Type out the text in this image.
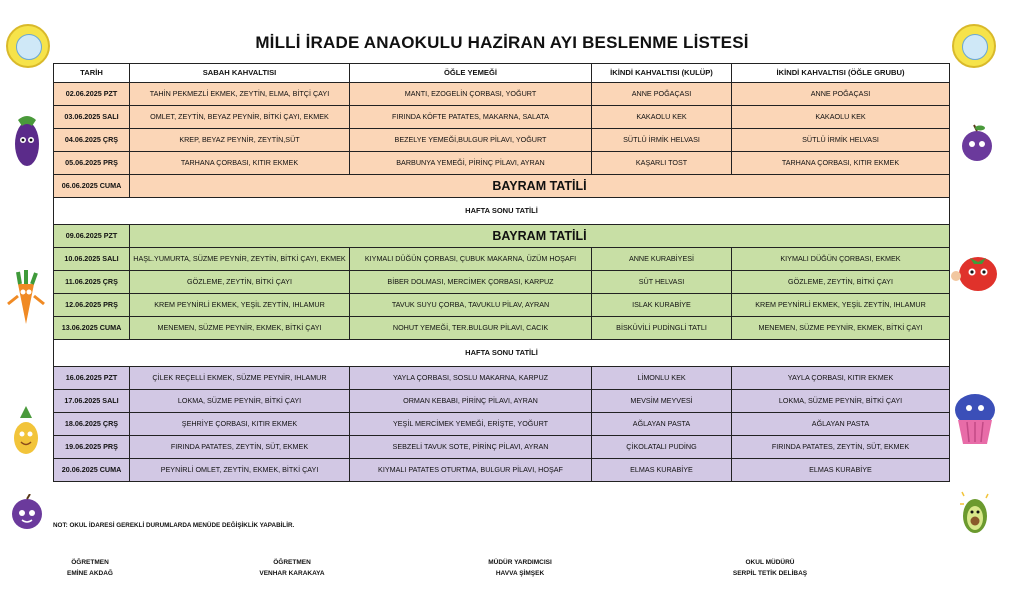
MİLLİ İRADE ANAOKULU HAZİRAN AYI BESLENME LİSTESİ
TARİH	SABAH KAHVALTISI	ÖĞLE YEMEĞİ	İKİNDİ KAHVALTISI (KULÜP)	İKİNDİ KAHVALTISI (ÖĞLE GRUBU)
02.06.2025 PZT	TAHİN PEKMEZLİ EKMEK, ZEYTİN, ELMA, BİTÇİ ÇAYI	MANTI, EZOGELİN ÇORBASI, YOĞURT	ANNE POĞAÇASI	ANNE POĞAÇASI
03.06.2025 SALI	OMLET, ZEYTİN, BEYAZ PEYNİR, BİTKİ ÇAYI, EKMEK	FIRINDA KÖFTE PATATES, MAKARNA, SALATA	KAKAOLU KEK	KAKAOLU KEK
04.06.2025 ÇRŞ	KREP, BEYAZ PEYNİR, ZEYTİN,SÜT	BEZELYE YEMEĞİ,BULGUR PİLAVI, YOĞURT	SÜTLÜ İRMİK HELVASI	SÜTLÜ İRMİK HELVASI
05.06.2025 PRŞ	TARHANA ÇORBASI, KITIR EKMEK	BARBUNYA YEMEĞİ, PİRİNÇ PİLAVI, AYRAN	KAŞARLI TOST	TARHANA ÇORBASI, KITIR EKMEK
06.06.2025 CUMA	BAYRAM TATİLİ			
HAFTA SONU TATİLİ				
09.06.2025 PZT	BAYRAM TATİLİ			
10.06.2025 SALI	HAŞL.YUMURTA, SÜZME PEYNİR, ZEYTİN, BİTKİ ÇAYI, EKMEK	KIYMALI DÜĞÜN ÇORBASI, ÇUBUK MAKARNA, ÜZÜM HOŞAFI	ANNE KURABİYESİ	KIYMALI DÜĞÜN ÇORBASI, EKMEK
11.06.2025 ÇRŞ	GÖZLEME, ZEYTİN, BİTKİ ÇAYI	BİBER DOLMASI, MERCİMEK ÇORBASI, KARPUZ	SÜT HELVASI	GÖZLEME, ZEYTİN, BİTKİ ÇAYI
12.06.2025 PRŞ	KREM PEYNİRLİ EKMEK, YEŞİL ZEYTİN, IHLAMUR	TAVUK SUYU ÇORBA, TAVUKLU PİLAV, AYRAN	ISLAK KURABİYE	KREM PEYNİRLİ EKMEK, YEŞİL ZEYTİN, IHLAMUR
13.06.2025 CUMA	MENEMEN, SÜZME PEYNİR, EKMEK, BİTKİ ÇAYI	NOHUT YEMEĞİ, TER.BULGUR PİLAVI, CACIK	BİSKÜVİLİ PUDİNGLİ TATLI	MENEMEN, SÜZME PEYNİR, EKMEK, BİTKİ ÇAYI
HAFTA SONU TATİLİ				
16.06.2025 PZT	ÇİLEK REÇELLİ EKMEK, SÜZME PEYNİR, IHLAMUR	YAYLA ÇORBASI, SOSLU MAKARNA, KARPUZ	LİMONLU KEK	YAYLA ÇORBASI, KITIR EKMEK
17.06.2025 SALI	LOKMA, SÜZME PEYNİR, BİTKİ ÇAYI	ORMAN KEBABI, PİRİNÇ PİLAVI, AYRAN	MEVSİM MEYVESİ	LOKMA, SÜZME PEYNİR, BİTKİ ÇAYI
18.06.2025 ÇRŞ	ŞEHRİYE ÇORBASI, KITIR EKMEK	YEŞİL MERCİMEK YEMEĞİ, ERİŞTE, YOĞURT	AĞLAYAN PASTA	AĞLAYAN PASTA
19.06.2025 PRŞ	FIRINDA PATATES, ZEYTİN, SÜT, EKMEK	SEBZELİ TAVUK SOTE, PİRİNÇ PİLAVI, AYRAN	ÇİKOLATALI PUDİNG	FIRINDA PATATES, ZEYTİN, SÜT, EKMEK
20.06.2025 CUMA	PEYNİRLİ OMLET, ZEYTİN, EKMEK, BİTKİ ÇAYI	KIYMALI PATATES OTURTMA, BULGUR PİLAVI, HOŞAF	ELMAS KURABİYE	ELMAS KURABİYE
NOT: OKUL İDARESİ GEREKLİ DURUMLARDA MENÜDE DEĞİŞİKLİK YAPABİLİR.
ÖĞRETMEN
EMİNE AKDAĞ
ÖĞRETMEN
VENHAR KARAKAYA
MÜDÜR YARDIMCISI
HAVVA ŞİMŞEK
OKUL MÜDÜRÜ
SERPİL TETİK DELİBAŞ
